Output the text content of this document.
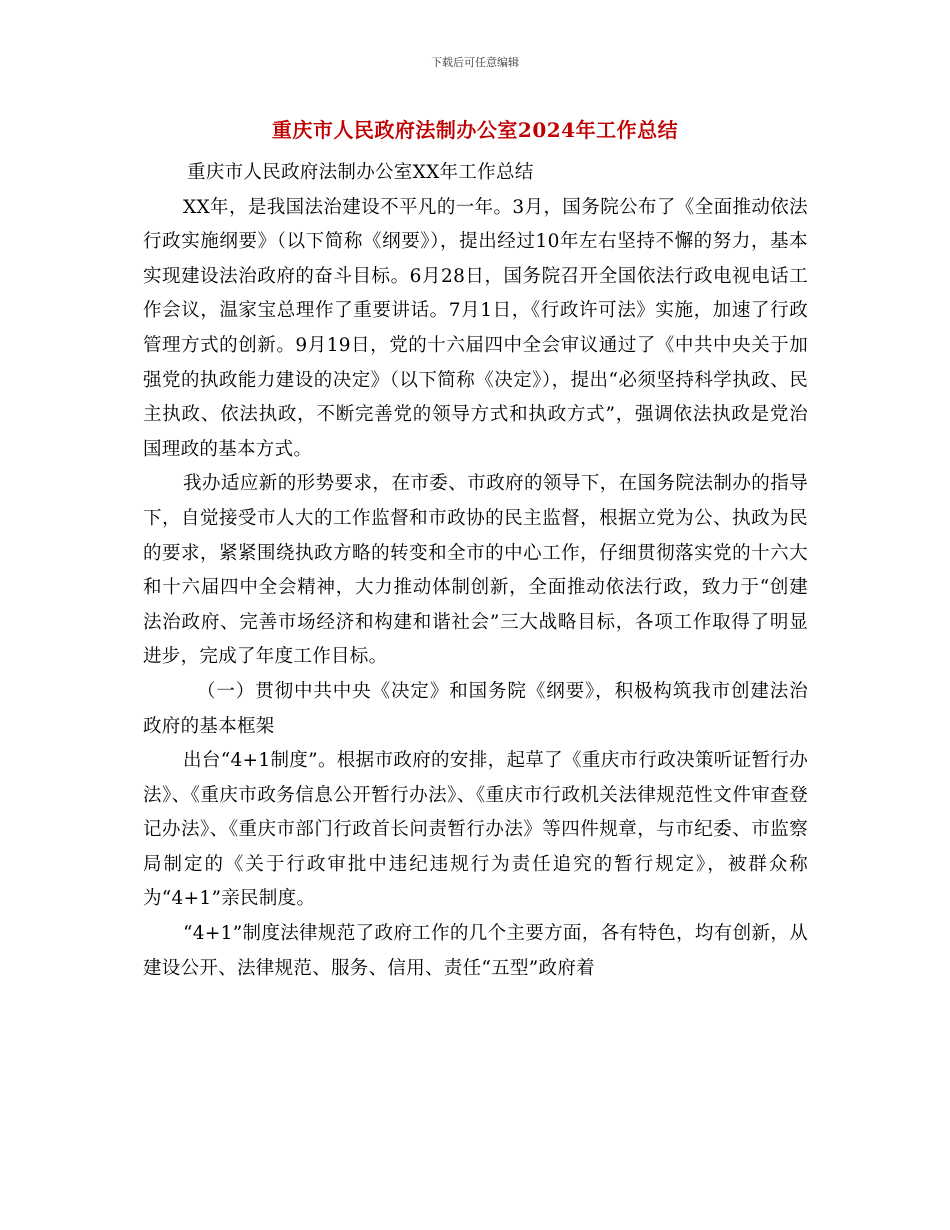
下载后可任意编辑
重庆市人民政府法制办公室2024年工作总结

重庆市人民政府法制办公室XX年工作总结

XX年，是我国法治建设不平凡的一年。3月，国务院公布了《全面推动依法行政实施纲要》（以下简称《纲要》），提出经过10年左右坚持不懈的努力，基本实现建设法治政府的奋斗目标。6月28日，国务院召开全国依法行政电视电话工作会议，温家宝总理作了重要讲话。7月1日，《行政许可法》实施，加速了行政管理方式的创新。9月19日，党的十六届四中全会审议通过了《中共中央关于加强党的执政能力建设的决定》（以下简称《决定》），提出“必须坚持科学执政、民主执政、依法执政，不断完善党的领导方式和执政方式”，强调依法执政是党治国理政的基本方式。

我办适应新的形势要求，在市委、市政府的领导下，在国务院法制办的指导下，自觉接受市人大的工作监督和市政协的民主监督，根据立党为公、执政为民的要求，紧紧围绕执政方略的转变和全市的中心工作，仔细贯彻落实党的十六大和十六届四中全会精神，大力推动体制创新，全面推动依法行政，致力于“创建法治政府、完善市场经济和构建和谐社会”三大战略目标，各项工作取得了明显进步，完成了年度工作目标。

（一）贯彻中共中央《决定》和国务院《纲要》，积极构筑我市创建法治政府的基本框架

出台“4+1制度”。根据市政府的安排，起草了《重庆市行政决策听证暂行办法》、《重庆市政务信息公开暂行办法》、《重庆市行政机关法律规范性文件审查登记办法》、《重庆市部门行政首长问责暂行办法》等四件规章，与市纪委、市监察局制定的《关于行政审批中违纪违规行为责任追究的暂行规定》，被群众称为“4+1”亲民制度。

“4+1”制度法律规范了政府工作的几个主要方面，各有特色，均有创新，从建设公开、法律规范、服务、信用、责任“五型”政府着
